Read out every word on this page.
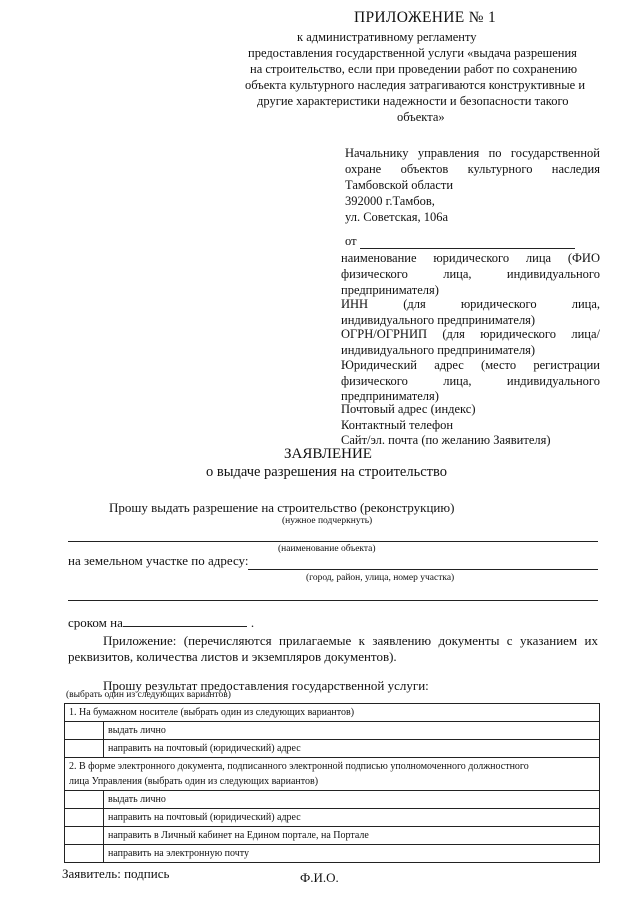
ПРИЛОЖЕНИЕ № 1
к административному регламенту
предоставления государственной услуги «выдача разрешения
на строительство, если при проведении работ по сохранению
объекта культурного наследия затрагиваются конструктивные и
другие характеристики надежности и безопасности такого
объекта»
Начальнику управления по государственной
охране объектов культурного наследия
Тамбовской области
392000 г.Тамбов,
ул. Советская, 106а
от
наименование юридического лица (ФИО
физического лица, индивидуального
предпринимателя)
ИНН (для юридического лица,
индивидуального предпринимателя)
ОГРН/ОГРНИП (для юридического лица/
индивидуального предпринимателя)
Юридический адрес (место регистрации
физического лица, индивидуального
предпринимателя)
Почтовый адрес (индекс)
Контактный телефон
Сайт/эл. почта (по желанию Заявителя)
ЗАЯВЛЕНИЕ
о выдаче разрешения на строительство
Прошу выдать разрешение на строительство (реконструкцию)
(нужное подчеркнуть)
(наименование объекта)
на земельном участке по адресу:
(город, район, улица, номер участка)
сроком на	.
Приложение: (перечисляются прилагаемые к заявлению документы с указанием их
реквизитов, количества листов и экземпляров документов).
Прошу результат предоставления государственной услуги:
(выбрать один из следующих вариантов)
1. На бумажном носителе (выбрать один из следующих вариантов)	
	выдать лично
	направить на почтовый (юридический) адрес

2. В форме электронного документа, подписанного электронной подписью уполномоченного должностного
лица Управления (выбрать один из следующих вариантов)	

	выдать лично
	направить на почтовый (юридический) адрес
	направить в Личный кабинет на Едином портале, на Портале
	направить на электронную почту
Заявитель: подпись	Ф.И.О.
